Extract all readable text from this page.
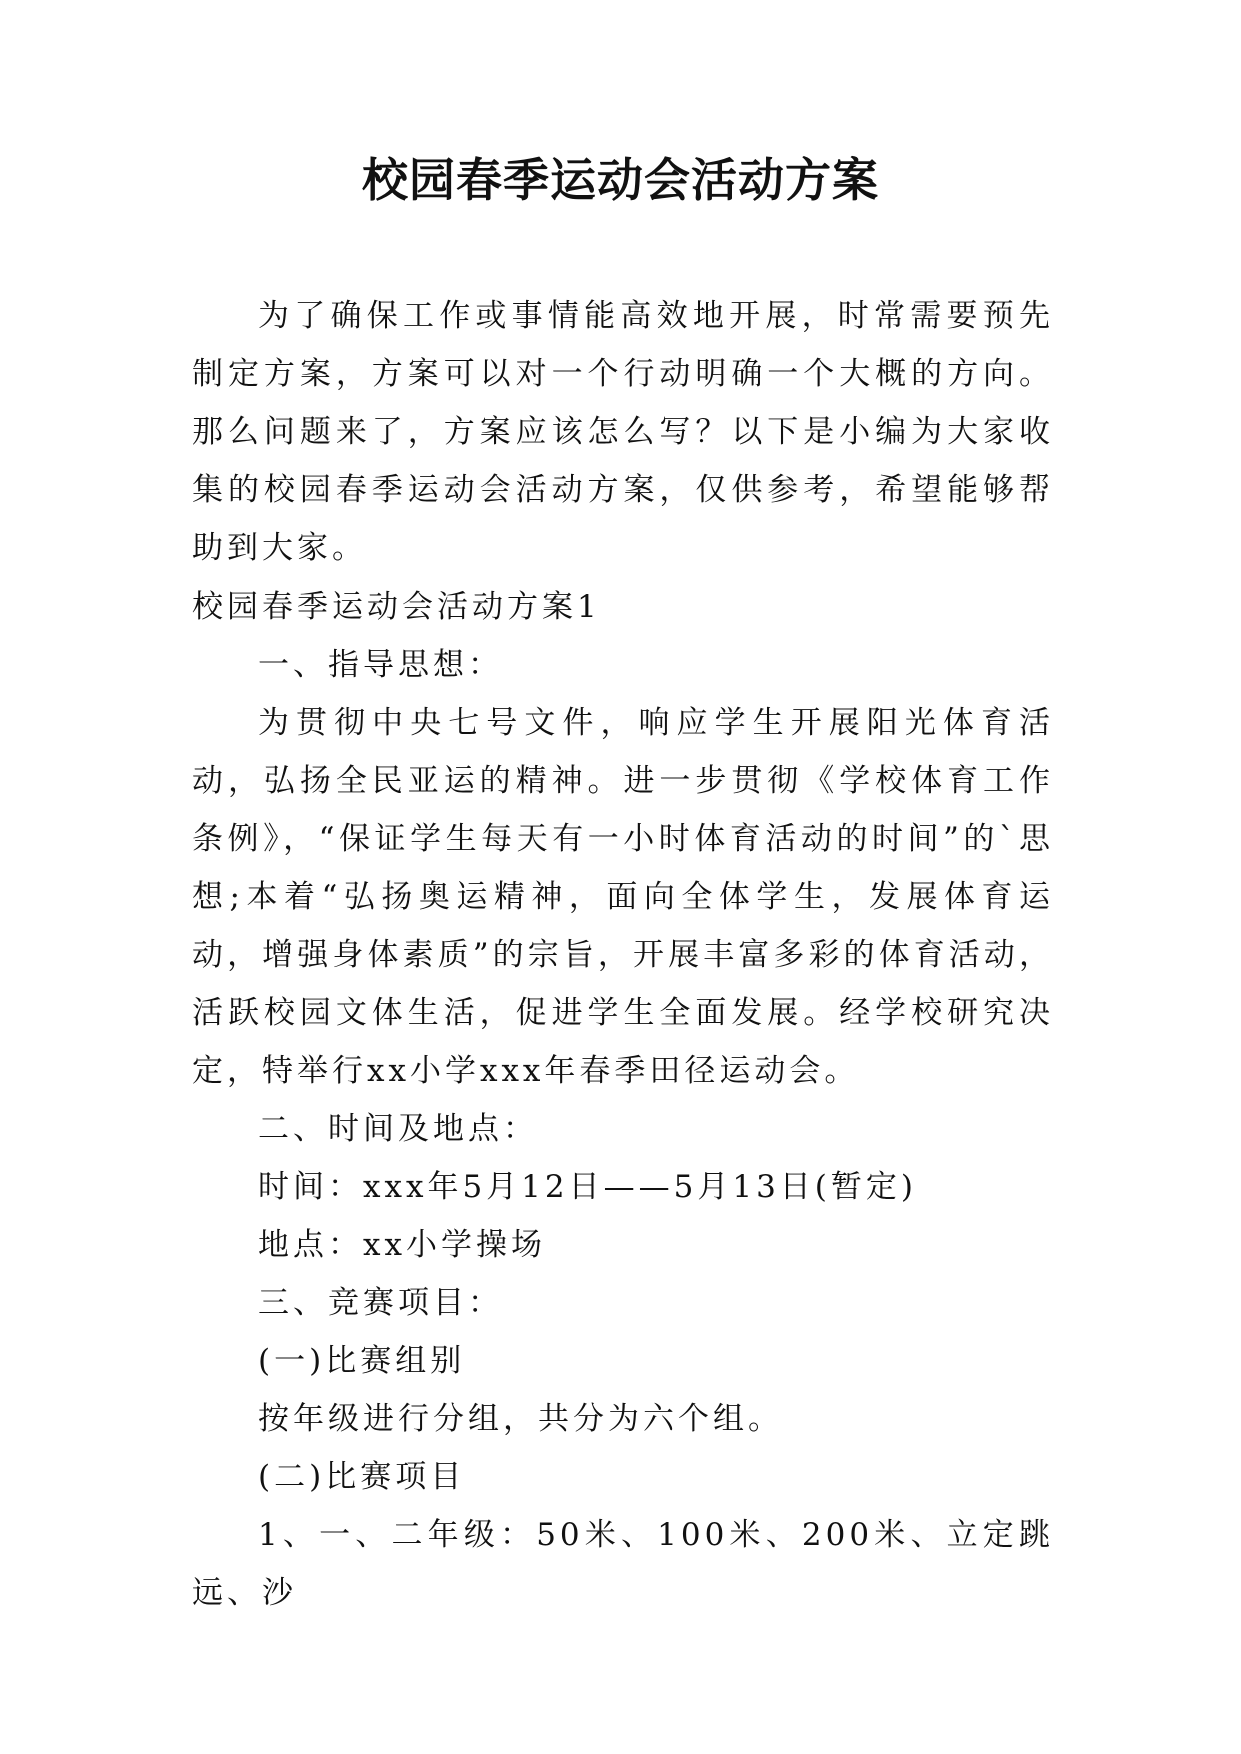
校园春季运动会活动方案
为了确保工作或事情能高效地开展，时常需要预先制定方案，方案可以对一个行动明确一个大概的方向。那么问题来了，方案应该怎么写？以下是小编为大家收集的校园春季运动会活动方案，仅供参考，希望能够帮助到大家。

校园春季运动会活动方案1

一、指导思想：

为贯彻中央七号文件，响应学生开展阳光体育活动，弘扬全民亚运的精神。进一步贯彻《学校体育工作条例》，“保证学生每天有一小时体育活动的时间”的`思想;本着“弘扬奥运精神，面向全体学生，发展体育运动，增强身体素质”的宗旨，开展丰富多彩的体育活动，活跃校园文体生活，促进学生全面发展。经学校研究决定，特举行xx小学xxx年春季田径运动会。

二、时间及地点：

时间：xxx年5月12日——5月13日(暂定)

地点：xx小学操场

三、竞赛项目：

(一)比赛组别

按年级进行分组，共分为六个组。

(二)比赛项目

1、一、二年级：50米、100米、200米、立定跳远、沙
